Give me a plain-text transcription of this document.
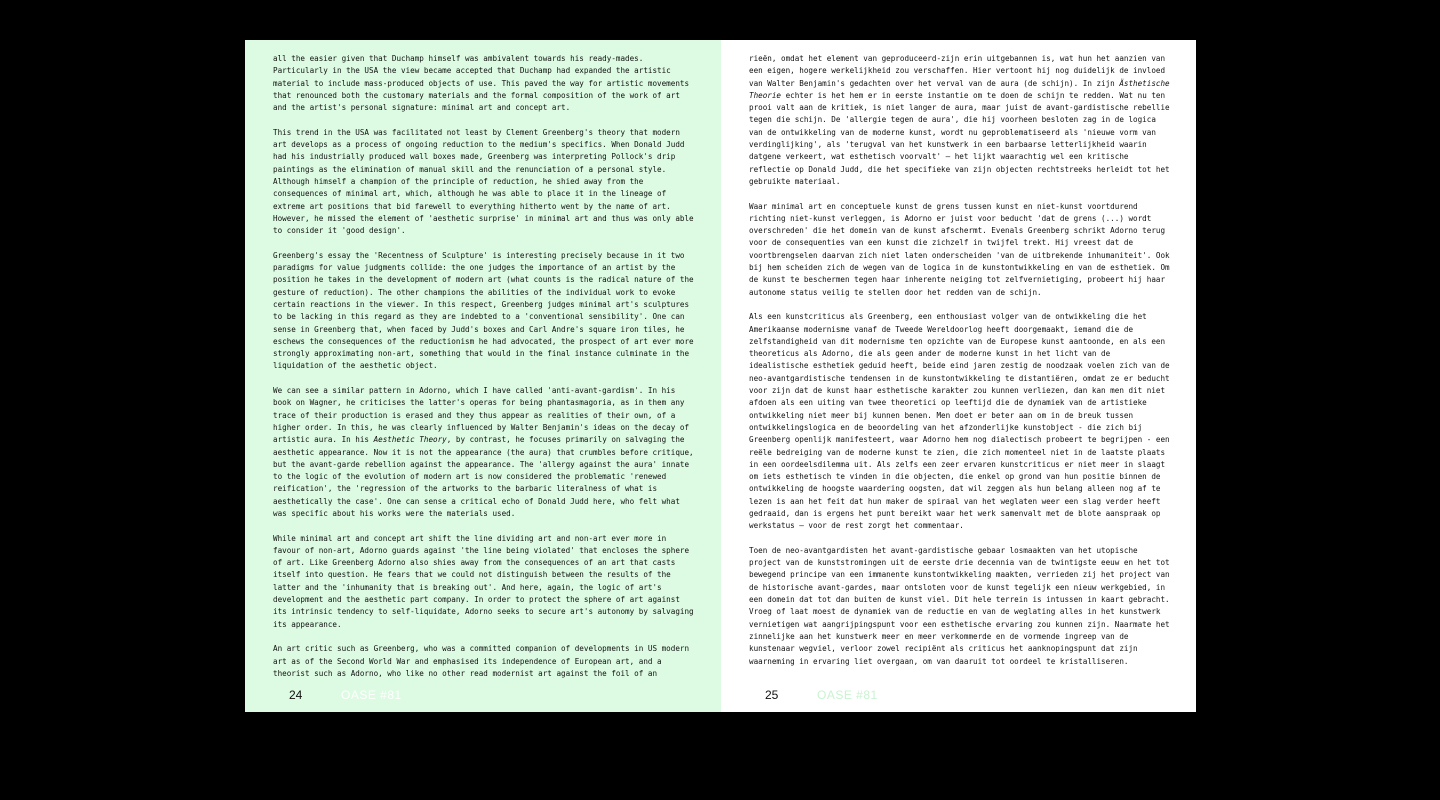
all the easier given that Duchamp himself was ambivalent towards his ready-mades. Particularly in the USA the view became accepted that Duchamp had expanded the artistic material to include mass-produced objects of use. This paved the way for artistic movements that renounced both the customary materials and the formal composition of the work of art and the artist's personal signature: minimal art and concept art.

This trend in the USA was facilitated not least by Clement Greenberg's theory that modern art develops as a process of ongoing reduction to the medium's specifics. When Donald Judd had his industrially produced wall boxes made, Greenberg was interpreting Pollock's drip paintings as the elimination of manual skill and the renunciation of a personal style. Although himself a champion of the principle of reduction, he shied away from the consequences of minimal art, which, although he was able to place it in the lineage of extreme art positions that bid farewell to everything hitherto went by the name of art. However, he missed the element of 'aesthetic surprise' in minimal art and thus was only able to consider it 'good design'.

Greenberg's essay the 'Recentness of Sculpture' is interesting precisely because in it two paradigms for value judgments collide: the one judges the importance of an artist by the position he takes in the development of modern art (what counts is the radical nature of the gesture of reduction). The other champions the abilities of the individual work to evoke certain reactions in the viewer. In this respect, Greenberg judges minimal art's sculptures to be lacking in this regard as they are indebted to a 'conventional sensibility'. One can sense in Greenberg that, when faced by Judd's boxes and Carl Andre's square iron tiles, he eschews the consequences of the reductionism he had advocated, the prospect of art ever more strongly approximating non-art, something that would in the final instance culminate in the liquidation of the aesthetic object.

We can see a similar pattern in Adorno, which I have called 'anti-avant-gardism'. In his book on Wagner, he criticises the latter's operas for being phantasmagoria, as in them any trace of their production is erased and they thus appear as realities of their own, of a higher order. In this, he was clearly influenced by Walter Benjamin's ideas on the decay of artistic aura. In his Aesthetic Theory, by contrast, he focuses primarily on salvaging the aesthetic appearance. Now it is not the appearance (the aura) that crumbles before critique, but the avant-garde rebellion against the appearance. The 'allergy against the aura' innate to the logic of the evolution of modern art is now considered the problematic 'renewed reification', the 'regression of the artworks to the barbaric literalness of what is aesthetically the case'. One can sense a critical echo of Donald Judd here, who felt what was specific about his works were the materials used.

While minimal art and concept art shift the line dividing art and non-art ever more in favour of non-art, Adorno guards against 'the line being violated' that encloses the sphere of art. Like Greenberg Adorno also shies away from the consequences of an art that casts itself into question. He fears that we could not distinguish between the results of the latter and the 'inhumanity that is breaking out'. And here, again, the logic of art's development and the aesthetic part company. In order to protect the sphere of art against its intrinsic tendency to self-liquidate, Adorno seeks to secure art's autonomy by salvaging its appearance.

An art critic such as Greenberg, who was a committed companion of developments in US modern art as of the Second World War and emphasised its independence of European art, and a theorist such as Adorno, who like no other read modernist art against the foil of an

24	OASE #81

rieën, omdat het element van geproduceerd-zijn erin uitgebannen is, wat hun het aanzien van een eigen, hogere werkelijkheid zou verschaffen. Hier vertoont hij nog duidelijk de invloed van Walter Benjamin's gedachten over het verval van de aura (de schijn). In zijn Ästhetische Theorie echter is het hem er in eerste instantie om te doen de schijn te redden. Wat nu ten prooi valt aan de kritiek, is niet langer de aura, maar juist de avant-gardistische rebellie tegen die schijn. De 'allergie tegen de aura', die hij voorheen besloten zag in de logica van de ontwikkeling van de moderne kunst, wordt nu geproblematiseerd als 'nieuwe vorm van verdinglijking', als 'terugval van het kunstwerk in een barbaarse letterlijkheid waarin datgene verkeert, wat esthetisch voorvalt' — het lijkt waarachtig wel een kritische reflectie op Donald Judd, die het specifieke van zijn objecten rechtstreeks herleidt tot het gebruikte materiaal.

Waar minimal art en conceptuele kunst de grens tussen kunst en niet-kunst voortdurend richting niet-kunst verleggen, is Adorno er juist voor beducht 'dat de grens (...) wordt overschreden' die het domein van de kunst afschermt. Evenals Greenberg schrikt Adorno terug voor de consequenties van een kunst die zichzelf in twijfel trekt. Hij vreest dat de voortbrengselen daarvan zich niet laten onderscheiden 'van de uitbrekende inhumaniteit'. Ook bij hem scheiden zich de wegen van de logica in de kunstontwikkeling en van de esthetiek. Om de kunst te beschermen tegen haar inherente neiging tot zelfvernietiging, probeert hij haar autonome status veilig te stellen door het redden van de schijn.

Als een kunstcriticus als Greenberg, een enthousiast volger van de ontwikkeling die het Amerikaanse modernisme vanaf de Tweede Wereldoorlog heeft doorgemaakt, iemand die de zelfstandigheid van dit modernisme ten opzichte van de Europese kunst aantoonde, en als een theoreticus als Adorno, die als geen ander de moderne kunst in het licht van de idealistische esthetiek geduid heeft, beide eind jaren zestig de noodzaak voelen zich van de neo-avantgardistische tendensen in de kunstontwikkeling te distantiëren, omdat ze er beducht voor zijn dat de kunst haar esthetische karakter zou kunnen verliezen, dan kan men dit niet afdoen als een uiting van twee theoretici op leeftijd die de dynamiek van de artistieke ontwikkeling niet meer bij kunnen benen. Men doet er beter aan om in de breuk tussen ontwikkelingslogica en de beoordeling van het afzonderlijke kunstobject - die zich bij Greenberg openlijk manifesteert, waar Adorno hem nog dialectisch probeert te begrijpen - een reële bedreiging van de moderne kunst te zien, die zich momenteel niet in de laatste plaats in een oordeelsdilemma uit. Als zelfs een zeer ervaren kunstcriticus er niet meer in slaagt om iets esthetisch te vinden in die objecten, die enkel op grond van hun positie binnen de ontwikkeling de hoogste waardering oogsten, dat wil zeggen als hun belang alleen nog af te lezen is aan het feit dat hun maker de spiraal van het weglaten weer een slag verder heeft gedraaid, dan is ergens het punt bereikt waar het werk samenvalt met de blote aanspraak op werkstatus — voor de rest zorgt het commentaar.

Toen de neo-avantgardisten het avant-gardistische gebaar losmaakten van het utopische project van de kunststromingen uit de eerste drie decennia van de twintigste eeuw en het tot bewegend principe van een immanente kunstontwikkeling maakten, verrieden zij het project van de historische avant-gardes, maar ontsloten voor de kunst tegelijk een nieuw werkgebied, in een domein dat tot dan buiten de kunst viel. Dit hele terrein is intussen in kaart gebracht. Vroeg of laat moest de dynamiek van de reductie en van de weglating alles in het kunstwerk vernietigen wat aangrijpingspunt voor een esthetische ervaring zou kunnen zijn. Naarmate het zinnelijke aan het kunstwerk meer en meer verkommerde en de vormende ingreep van de kunstenaar wegviel, verloor zowel recipiënt als criticus het aanknopingspunt dat zijn waarneming in ervaring liet overgaan, om van daaruit tot oordeel te kristalliseren.

25	OASE #81
